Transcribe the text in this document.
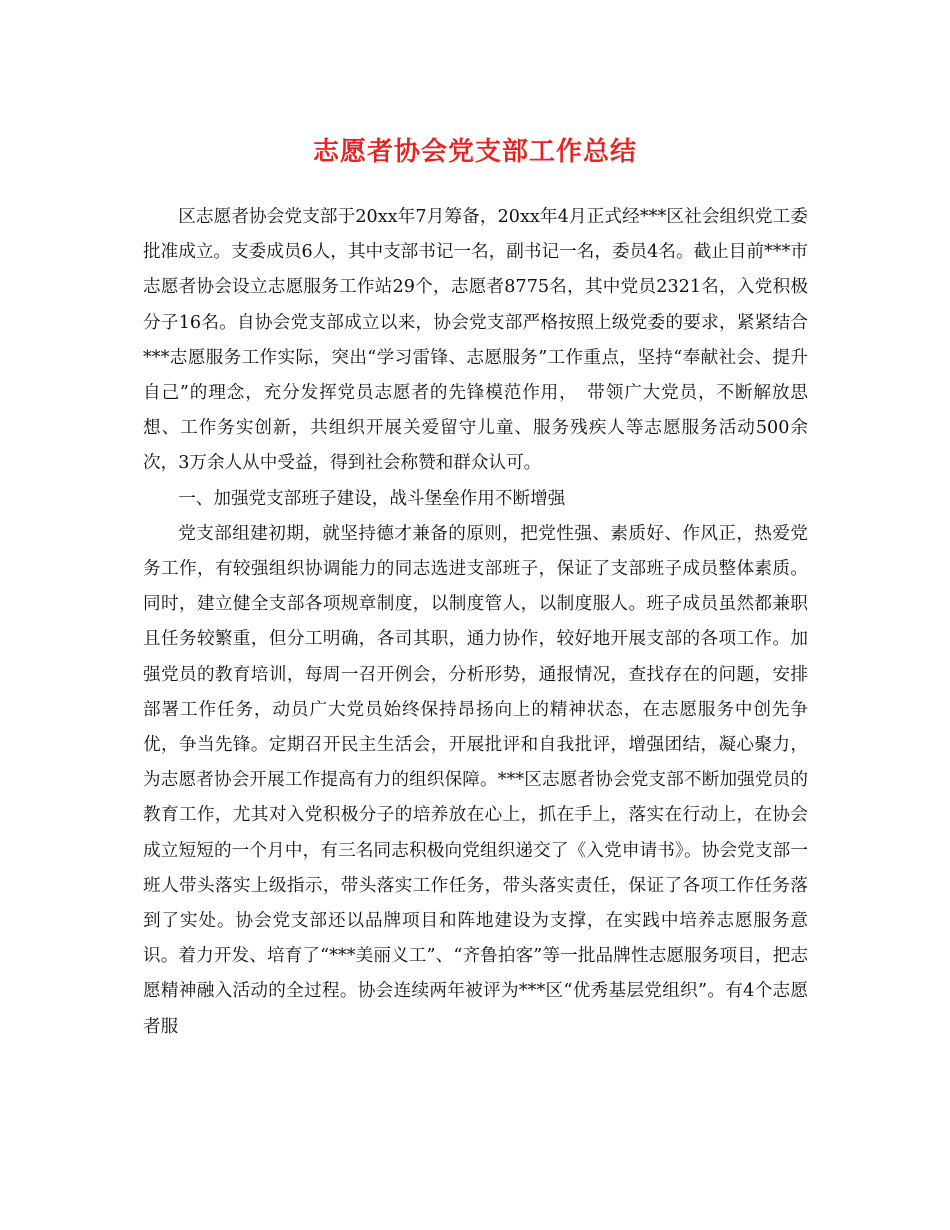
志愿者协会党支部工作总结

区志愿者协会党支部于20xx年7月筹备，20xx年4月正式经***区社会组织党工委批准成立。支委成员6人，其中支部书记一名，副书记一名，委员4名。截止目前***市志愿者协会设立志愿服务工作站29个，志愿者8775名，其中党员2321名，入党积极分子16名。自协会党支部成立以来，协会党支部严格按照上级党委的要求，紧紧结合***志愿服务工作实际，突出“学习雷锋、志愿服务”工作重点，坚持“奉献社会、提升自己”的理念，充分发挥党员志愿者的先锋模范作用，　带领广大党员，不断解放思想、工作务实创新，共组织开展关爱留守儿童、服务残疾人等志愿服务活动500余次，3万余人从中受益，得到社会称赞和群众认可。

一、加强党支部班子建设，战斗堡垒作用不断增强

党支部组建初期，就坚持德才兼备的原则，把党性强、素质好、作风正，热爱党务工作，有较强组织协调能力的同志选进支部班子，保证了支部班子成员整体素质。同时，建立健全支部各项规章制度，以制度管人，以制度服人。班子成员虽然都兼职且任务较繁重，但分工明确，各司其职，通力协作，较好地开展支部的各项工作。加强党员的教育培训，每周一召开例会，分析形势，通报情况，查找存在的问题，安排部署工作任务，动员广大党员始终保持昂扬向上的精神状态，在志愿服务中创先争优，争当先锋。定期召开民主生活会，开展批评和自我批评，增强团结，凝心聚力，为志愿者协会开展工作提高有力的组织保障。***区志愿者协会党支部不断加强党员的教育工作，尤其对入党积极分子的培养放在心上，抓在手上，落实在行动上，在协会成立短短的一个月中，有三名同志积极向党组织递交了《入党申请书》。协会党支部一班人带头落实上级指示，带头落实工作任务，带头落实责任，保证了各项工作任务落到了实处。协会党支部还以品牌项目和阵地建设为支撑，在实践中培养志愿服务意识。着力开发、培育了“***美丽义工”、“齐鲁拍客”等一批品牌性志愿服务项目，把志愿精神融入活动的全过程。协会连续两年被评为***区“优秀基层党组织”。有4个志愿者服
